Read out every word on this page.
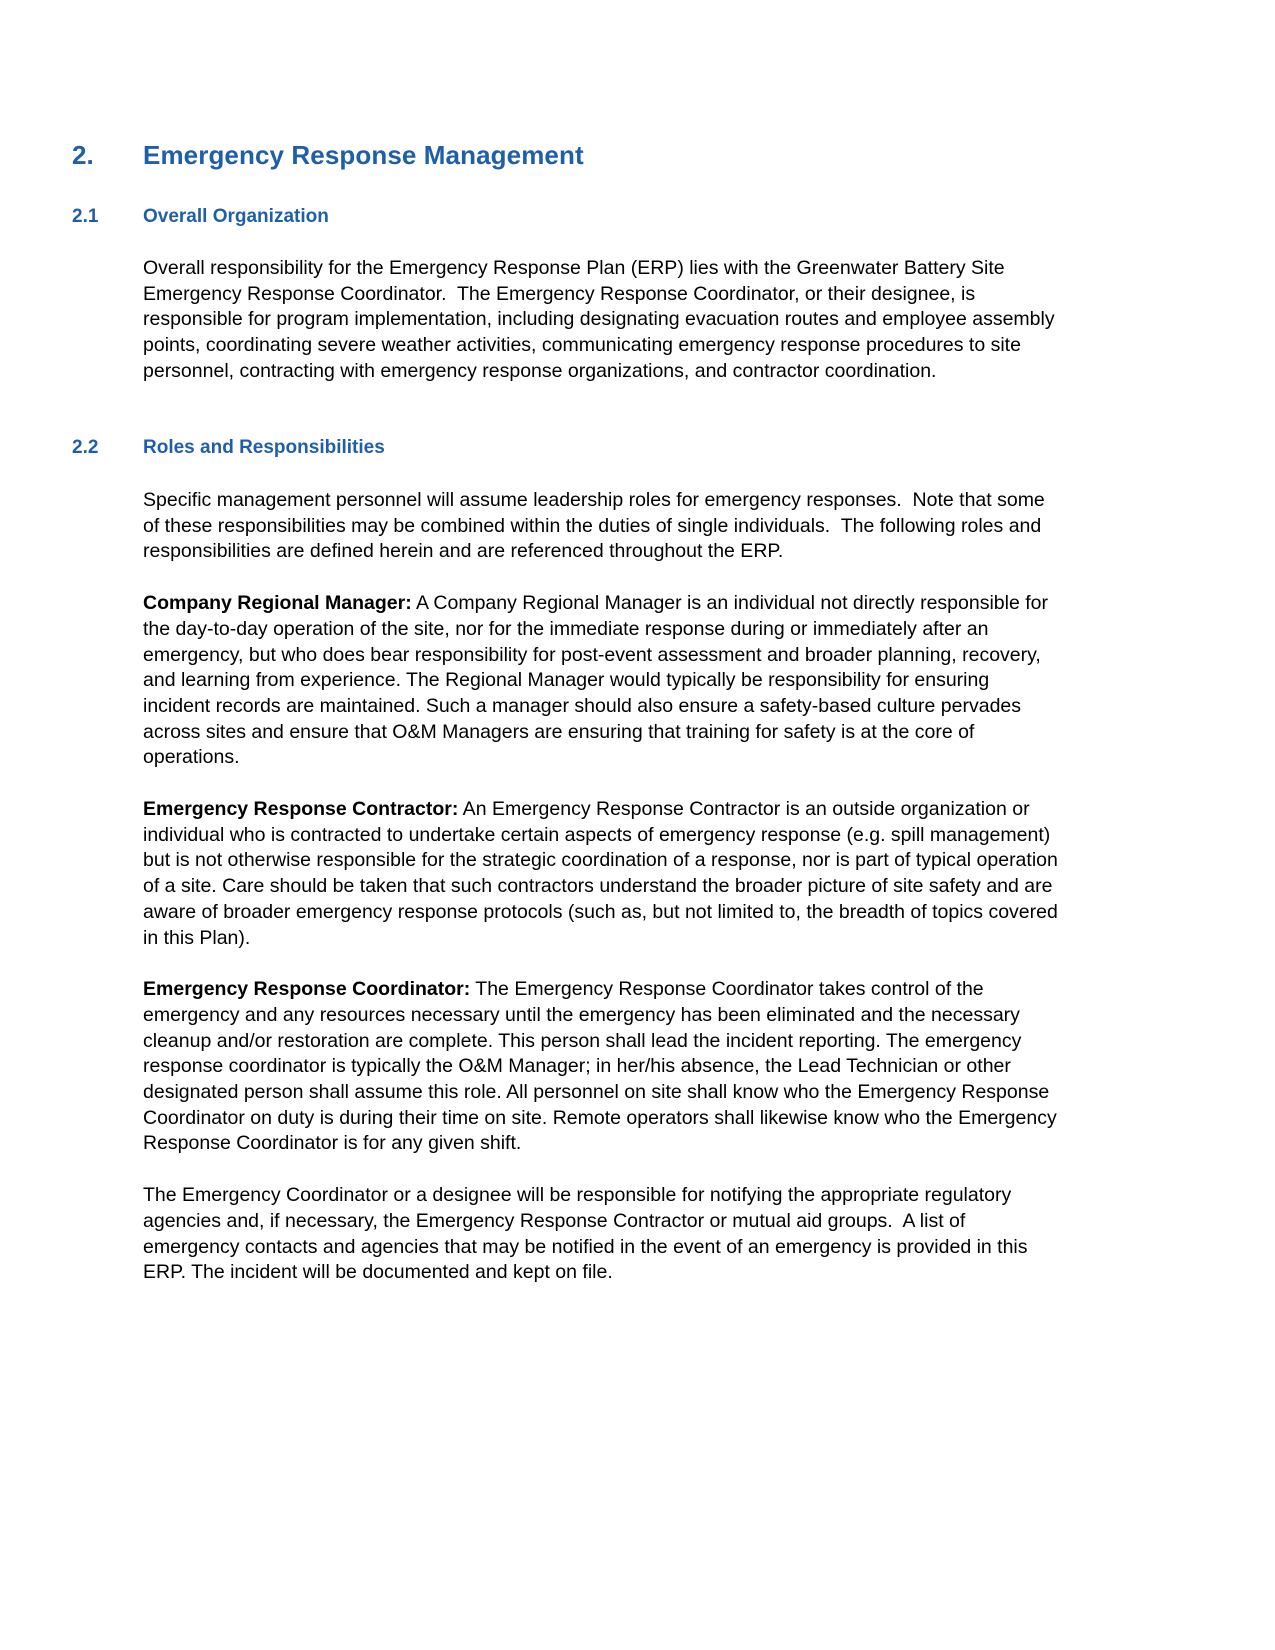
2.	Emergency Response Management
2.1	Overall Organization

Overall responsibility for the Emergency Response Plan (ERP) lies with the Greenwater Battery Site Emergency Response Coordinator.  The Emergency Response Coordinator, or their designee, is responsible for program implementation, including designating evacuation routes and employee assembly points, coordinating severe weather activities, communicating emergency response procedures to site personnel, contracting with emergency response organizations, and contractor coordination.

2.2	Roles and Responsibilities

Specific management personnel will assume leadership roles for emergency responses.  Note that some of these responsibilities may be combined within the duties of single individuals.  The following roles and responsibilities are defined herein and are referenced throughout the ERP.

Company Regional Manager: A Company Regional Manager is an individual not directly responsible for the day-to-day operation of the site, nor for the immediate response during or immediately after an emergency, but who does bear responsibility for post-event assessment and broader planning, recovery, and learning from experience. The Regional Manager would typically be responsibility for ensuring incident records are maintained. Such a manager should also ensure a safety-based culture pervades across sites and ensure that O&M Managers are ensuring that training for safety is at the core of operations.

Emergency Response Contractor: An Emergency Response Contractor is an outside organization or individual who is contracted to undertake certain aspects of emergency response (e.g. spill management) but is not otherwise responsible for the strategic coordination of a response, nor is part of typical operation of a site. Care should be taken that such contractors understand the broader picture of site safety and are aware of broader emergency response protocols (such as, but not limited to, the breadth of topics covered in this Plan).

Emergency Response Coordinator: The Emergency Response Coordinator takes control of the emergency and any resources necessary until the emergency has been eliminated and the necessary cleanup and/or restoration are complete. This person shall lead the incident reporting. The emergency response coordinator is typically the O&M Manager; in her/his absence, the Lead Technician or other designated person shall assume this role. All personnel on site shall know who the Emergency Response Coordinator on duty is during their time on site. Remote operators shall likewise know who the Emergency Response Coordinator is for any given shift.

The Emergency Coordinator or a designee will be responsible for notifying the appropriate regulatory agencies and, if necessary, the Emergency Response Contractor or mutual aid groups.  A list of emergency contacts and agencies that may be notified in the event of an emergency is provided in this ERP. The incident will be documented and kept on file.
